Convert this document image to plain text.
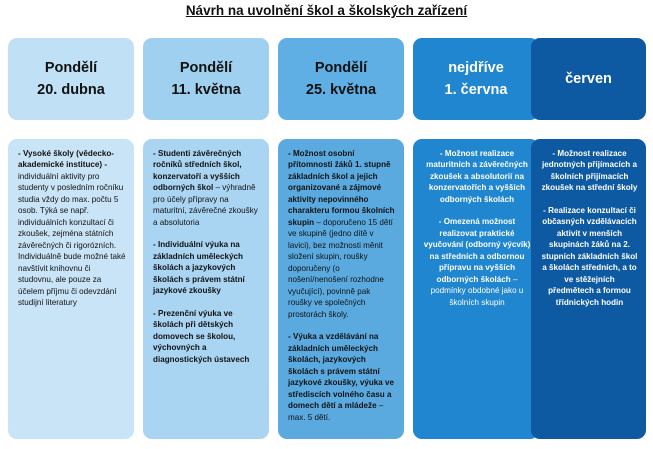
Návrh na uvolnění škol a školských zařízení
Pondělí
20. dubna

- Vysoké školy (vědecko-akademické instituce) - individuální aktivity pro studenty v posledním ročníku studia vždy do max. počtu 5 osob. Týká se např. individuálních konzultací či zkoušek, zejména státních závěrečných či rigorózních. Individuálně bude možné také navštívit knihovnu či studovnu, ale pouze za účelem příjmu či odevzdání studijní literatury

Pondělí
11. května

- Studenti závěrečných ročníků středních škol, konzervatoří a vyšších odborných škol – výhradně pro účely přípravy na maturitní, závěrečné zkoušky a absolutoria

- Individuální výuka na základních uměleckých školách a jazykových školách s právem státní jazykové zkoušky

- Prezenční výuka ve školách při dětských domovech se školou, výchovných a diagnostických ústavech

Pondělí
25. května

- Možnost osobní přítomnosti žáků 1. stupně základních škol a jejich organizované a zájmové aktivity nepovinného charakteru formou školních skupin – doporučeno 15 dětí ve skupině (jedno dítě v lavici), bez možnosti měnit složení skupin, roušky doporučeny (o nošení/nenošení rozhodne vyučující), povinně pak roušky ve společných prostorách školy.

- Výuka a vzdělávání na základních uměleckých školách, jazykových školách s právem státní jazykové zkoušky, výuka ve střediscích volného času a domech dětí a mládeže – max. 5 dětí.

nejdříve
1. června

- Možnost realizace maturitních a závěrečných zkoušek a absolutorií na konzervatořích a vyšších odborných školách

- Omezená možnost realizovat praktické vyučování (odborný výcvik) na středních a odbornou přípravu na vyšších odborných školách – podmínky obdobné jako u školních skupin

červen

- Možnost realizace jednotných přijímacích a školních přijímacích zkoušek na střední školy

- Realizace konzultací či občasných vzdělávacích aktivit v menších skupinách žáků na 2. stupních základních škol a školách středních, a to ve stěžejních předmětech a formou třídnických hodin
